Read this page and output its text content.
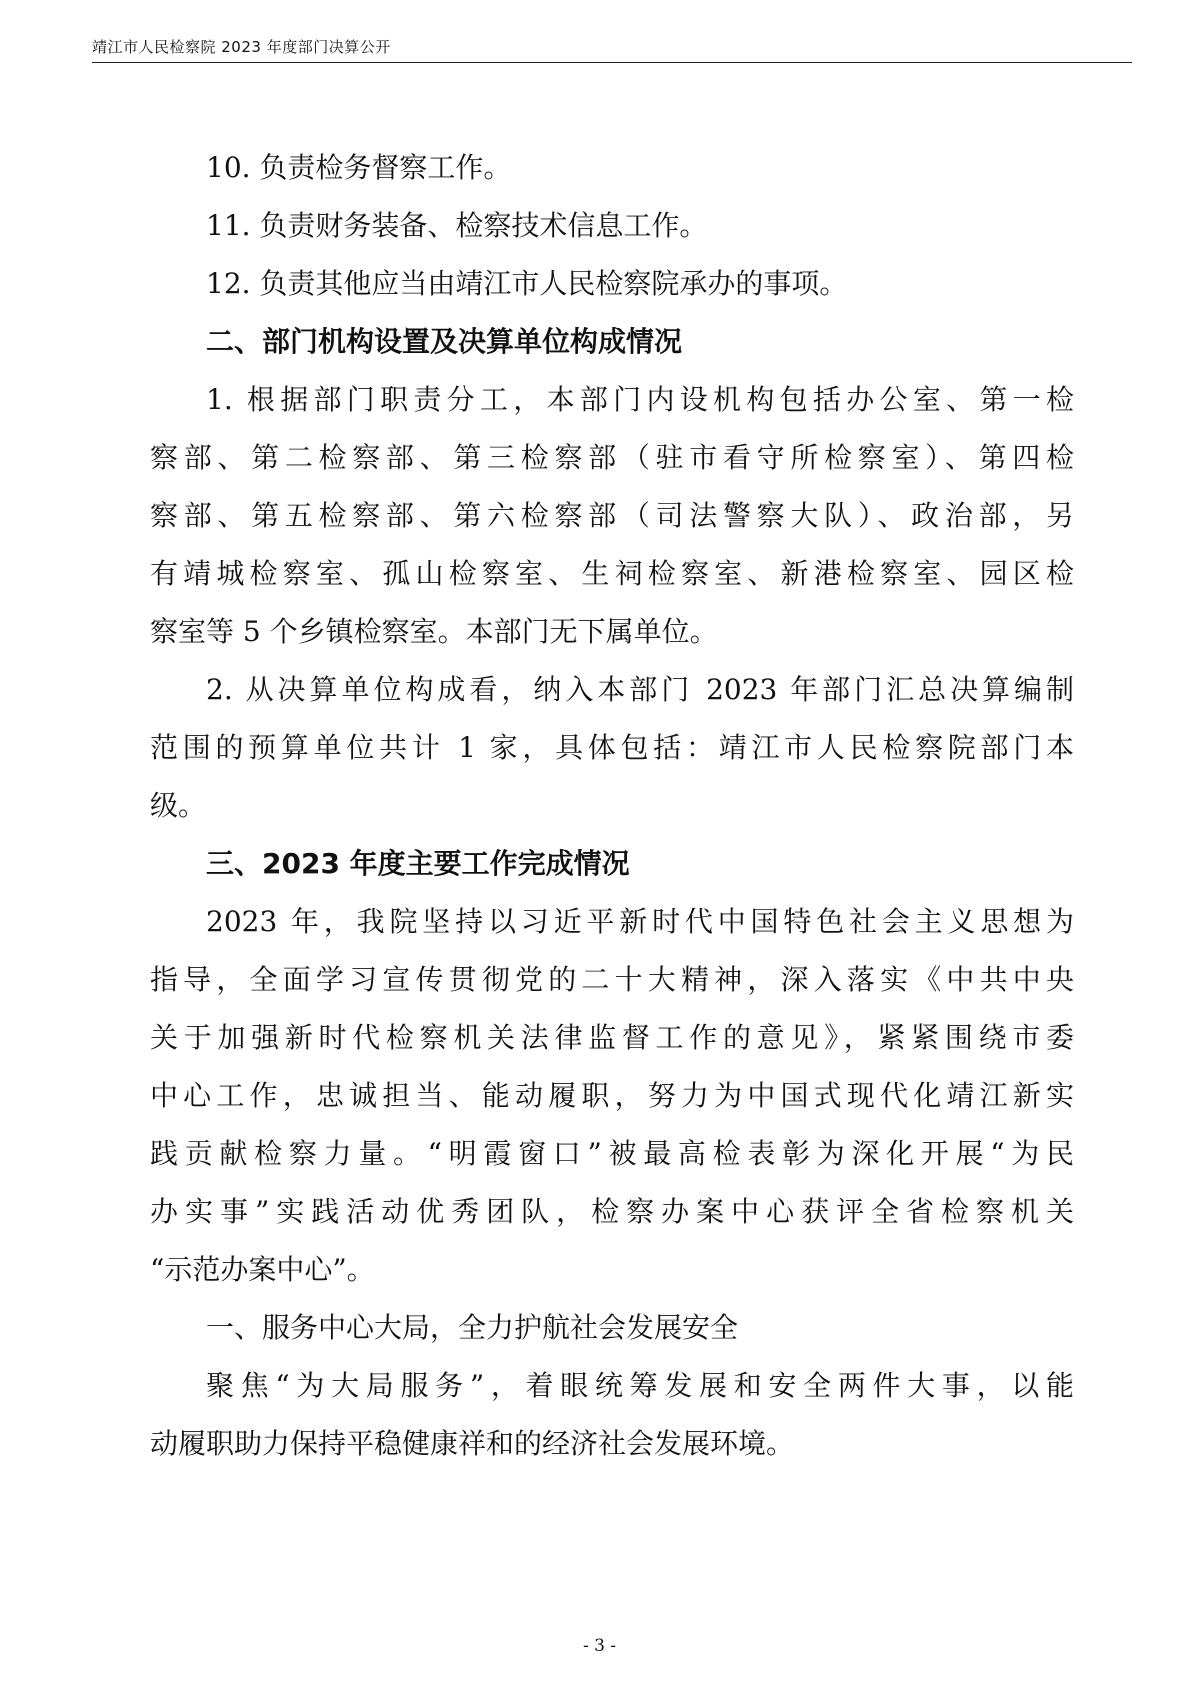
靖江市人民检察院 2023 年度部门决算公开
10. 负责检务督察工作。
11. 负责财务装备、检察技术信息工作。
12. 负责其他应当由靖江市人民检察院承办的事项。
二、部门机构设置及决算单位构成情况
1. 根据部门职责分工，本部门内设机构包括办公室、第一检
察部、第二检察部、第三检察部（驻市看守所检察室）、第四检
察部、第五检察部、第六检察部（司法警察大队）、政治部，另
有靖城检察室、孤山检察室、生祠检察室、新港检察室、园区检
察室等 5 个乡镇检察室。本部门无下属单位。
2. 从决算单位构成看，纳入本部门 2023 年部门汇总决算编制
范围的预算单位共计 1 家，具体包括：靖江市人民检察院部门本
级。
三、2023 年度主要工作完成情况
2023 年，我院坚持以习近平新时代中国特色社会主义思想为
指导，全面学习宣传贯彻党的二十大精神，深入落实《中共中央
关于加强新时代检察机关法律监督工作的意见》，紧紧围绕市委
中心工作，忠诚担当、能动履职，努力为中国式现代化靖江新实
践贡献检察力量。“明霞窗口”被最高检表彰为深化开展“为民
办实事”实践活动优秀团队，检察办案中心获评全省检察机关
“示范办案中心”。
一、服务中心大局，全力护航社会发展安全
聚焦“为大局服务”，着眼统筹发展和安全两件大事，以能
动履职助力保持平稳健康祥和的经济社会发展环境。
- 3 -
